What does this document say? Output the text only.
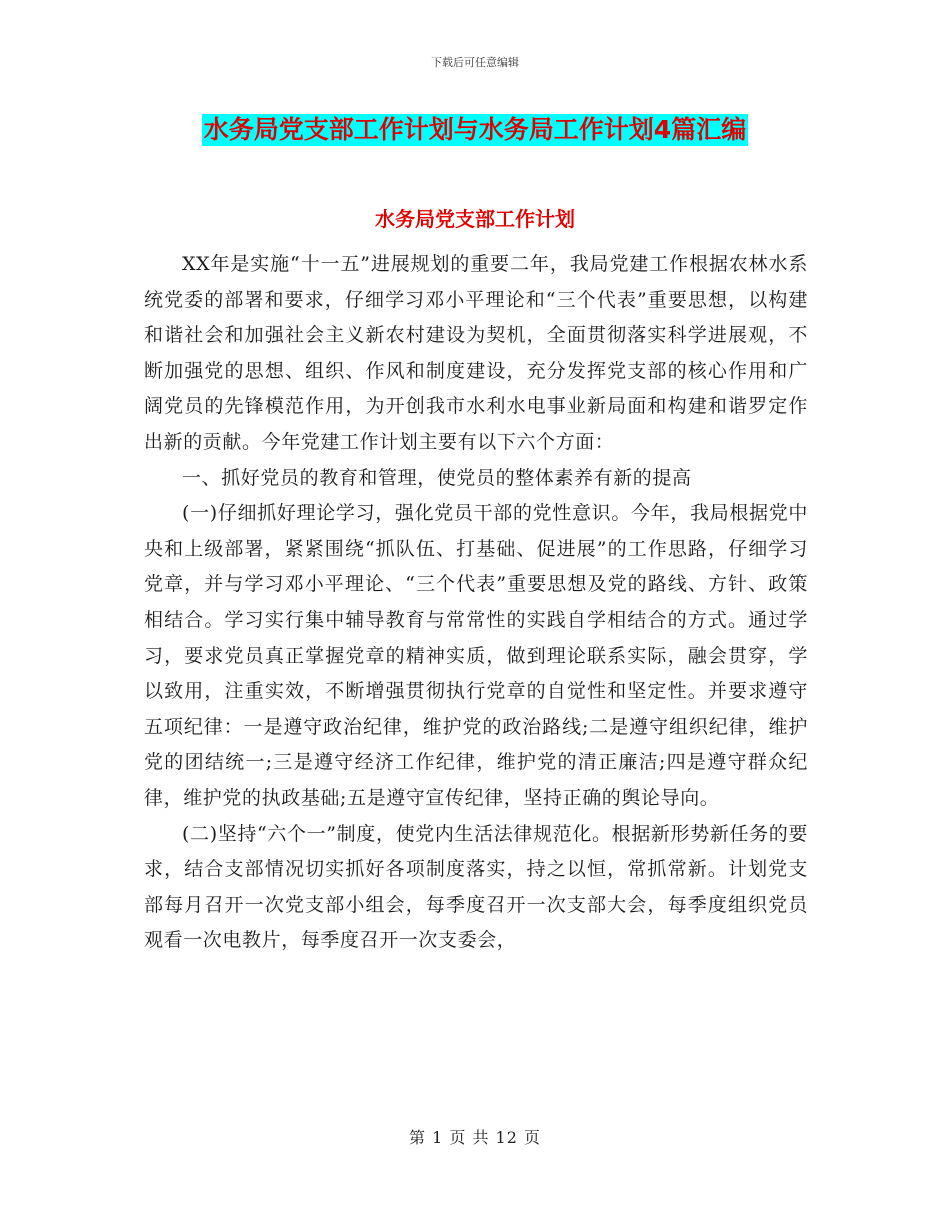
下载后可任意编辑
水务局党支部工作计划与水务局工作计划4篇汇编
水务局党支部工作计划

XX年是实施“十一五”进展规划的重要二年，我局党建工作根据农林水系统党委的部署和要求，仔细学习邓小平理论和“三个代表”重要思想，以构建和谐社会和加强社会主义新农村建设为契机，全面贯彻落实科学进展观，不断加强党的思想、组织、作风和制度建设，充分发挥党支部的核心作用和广阔党员的先锋模范作用，为开创我市水利水电事业新局面和构建和谐罗定作出新的贡献。今年党建工作计划主要有以下六个方面：

一、抓好党员的教育和管理，使党员的整体素养有新的提高

(一)仔细抓好理论学习，强化党员干部的党性意识。今年，我局根据党中央和上级部署，紧紧围绕“抓队伍、打基础、促进展”的工作思路，仔细学习党章，并与学习邓小平理论、“三个代表”重要思想及党的路线、方针、政策相结合。学习实行集中辅导教育与常常性的实践自学相结合的方式。通过学习，要求党员真正掌握党章的精神实质，做到理论联系实际，融会贯穿，学以致用，注重实效，不断增强贯彻执行党章的自觉性和坚定性。并要求遵守五项纪律：一是遵守政治纪律，维护党的政治路线;二是遵守组织纪律，维护党的团结统一;三是遵守经济工作纪律，维护党的清正廉洁;四是遵守群众纪律，维护党的执政基础;五是遵守宣传纪律，坚持正确的舆论导向。

(二)坚持“六个一”制度，使党内生活法律规范化。根据新形势新任务的要求，结合支部情况切实抓好各项制度落实，持之以恒，常抓常新。计划党支部每月召开一次党支部小组会，每季度召开一次支部大会，每季度组织党员观看一次电教片，每季度召开一次支委会，

第 1 页 共 12 页
